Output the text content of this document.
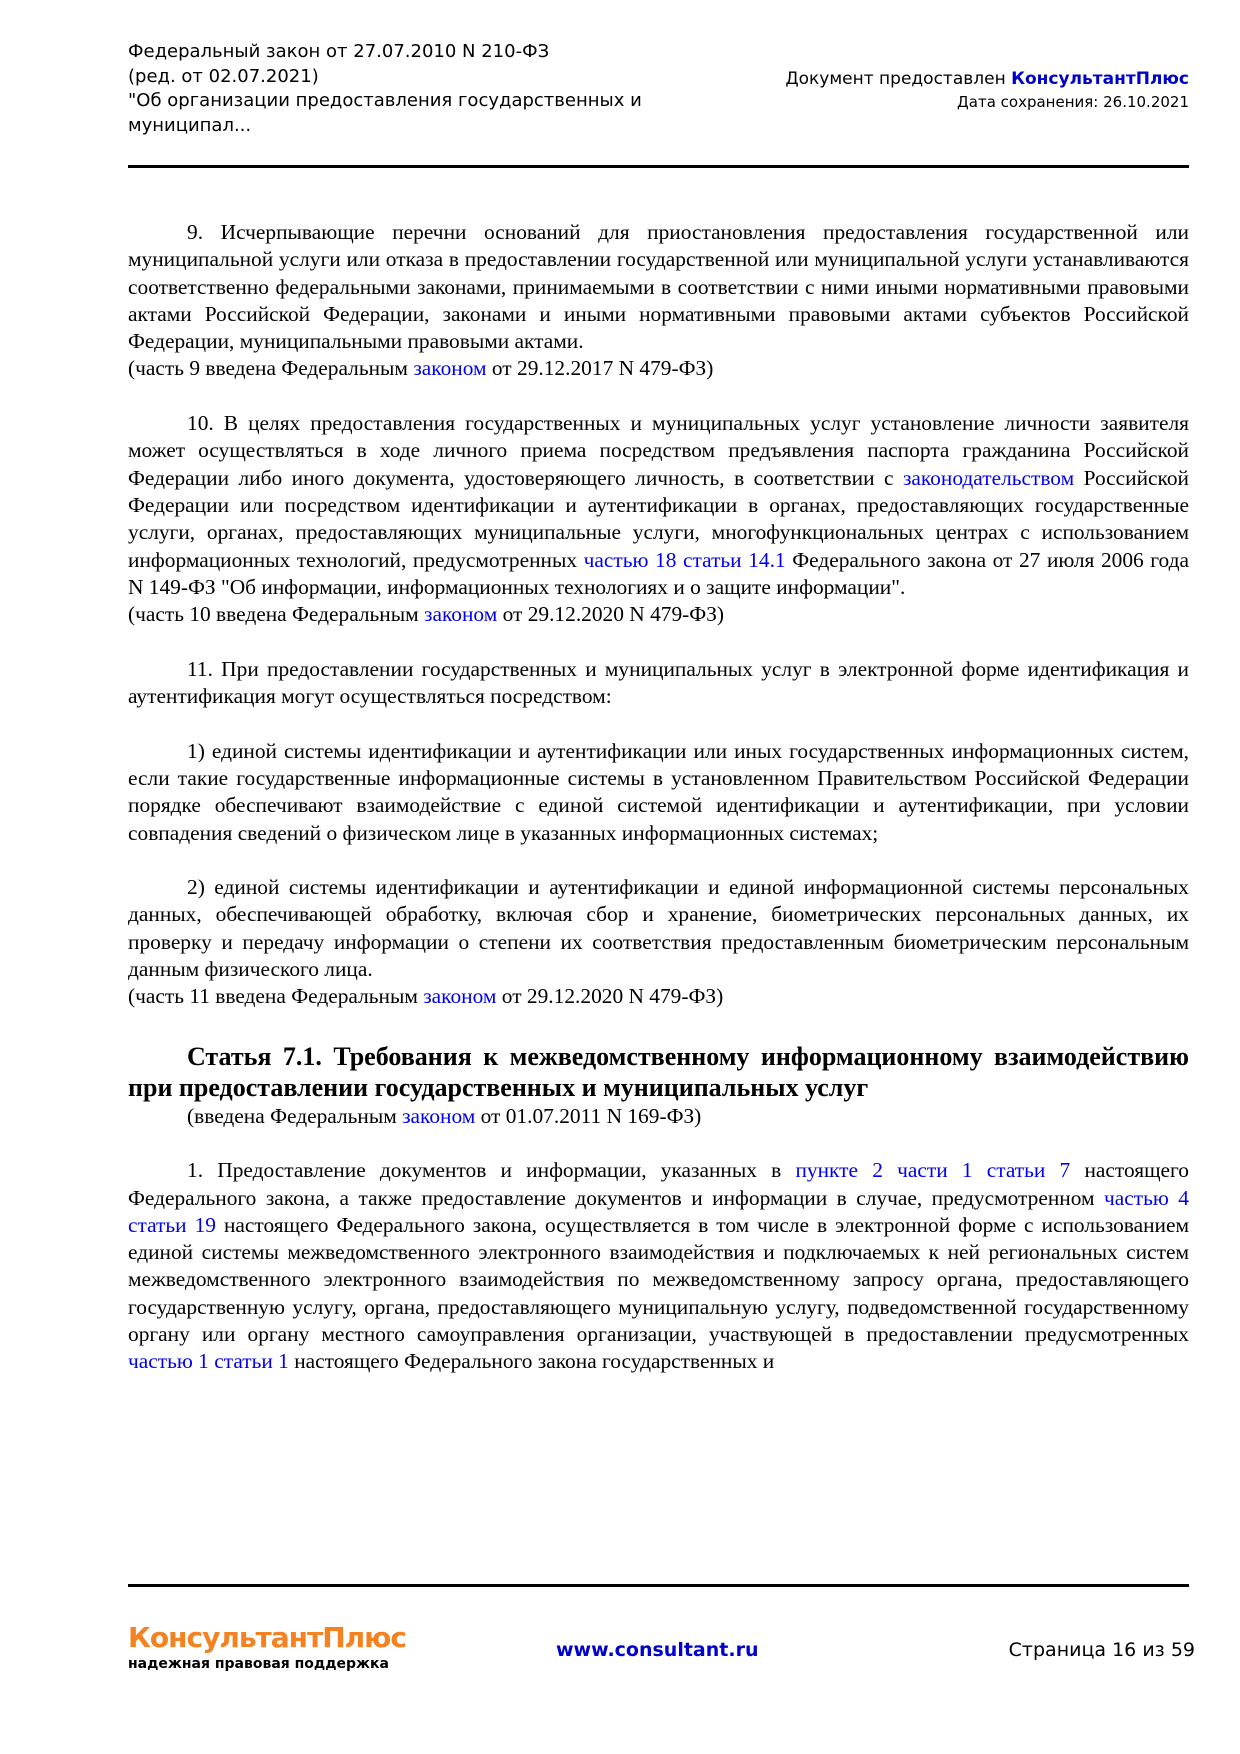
Федеральный закон от 27.07.2010 N 210-ФЗ
(ред. от 02.07.2021)
"Об организации предоставления государственных и
муниципал...
Документ предоставлен КонсультантПлюс
Дата сохранения: 26.10.2021

9. Исчерпывающие перечни оснований для приостановления предоставления государственной или муниципальной услуги или отказа в предоставлении государственной или муниципальной услуги устанавливаются соответственно федеральными законами, принимаемыми в соответствии с ними иными нормативными правовыми актами Российской Федерации, законами и иными нормативными правовыми актами субъектов Российской Федерации, муниципальными правовыми актами.

(часть 9 введена Федеральным законом от 29.12.2017 N 479-ФЗ)

10. В целях предоставления государственных и муниципальных услуг установление личности заявителя может осуществляться в ходе личного приема посредством предъявления паспорта гражданина Российской Федерации либо иного документа, удостоверяющего личность, в соответствии с законодательством Российской Федерации или посредством идентификации и аутентификации в органах, предоставляющих государственные услуги, органах, предоставляющих муниципальные услуги, многофункциональных центрах с использованием информационных технологий, предусмотренных частью 18 статьи 14.1 Федерального закона от 27 июля 2006 года N 149-ФЗ "Об информации, информационных технологиях и о защите информации".

(часть 10 введена Федеральным законом от 29.12.2020 N 479-ФЗ)

11. При предоставлении государственных и муниципальных услуг в электронной форме идентификация и аутентификация могут осуществляться посредством:

1) единой системы идентификации и аутентификации или иных государственных информационных систем, если такие государственные информационные системы в установленном Правительством Российской Федерации порядке обеспечивают взаимодействие с единой системой идентификации и аутентификации, при условии совпадения сведений о физическом лице в указанных информационных системах;

2) единой системы идентификации и аутентификации и единой информационной системы персональных данных, обеспечивающей обработку, включая сбор и хранение, биометрических персональных данных, их проверку и передачу информации о степени их соответствия предоставленным биометрическим персональным данным физического лица.

(часть 11 введена Федеральным законом от 29.12.2020 N 479-ФЗ)

Статья 7.1. Требования к межведомственному информационному взаимодействию при предоставлении государственных и муниципальных услуг

(введена Федеральным законом от 01.07.2011 N 169-ФЗ)

1. Предоставление документов и информации, указанных в пункте 2 части 1 статьи 7 настоящего Федерального закона, а также предоставление документов и информации в случае, предусмотренном частью 4 статьи 19 настоящего Федерального закона, осуществляется в том числе в электронной форме с использованием единой системы межведомственного электронного взаимодействия и подключаемых к ней региональных систем межведомственного электронного взаимодействия по межведомственному запросу органа, предоставляющего государственную услугу, органа, предоставляющего муниципальную услугу, подведомственной государственному органу или органу местного самоуправления организации, участвующей в предоставлении предусмотренных частью 1 статьи 1 настоящего Федерального закона государственных и

КонсультантПлюс
надежная правовая поддержка
www.consultant.ru	Страница 16 из 59
